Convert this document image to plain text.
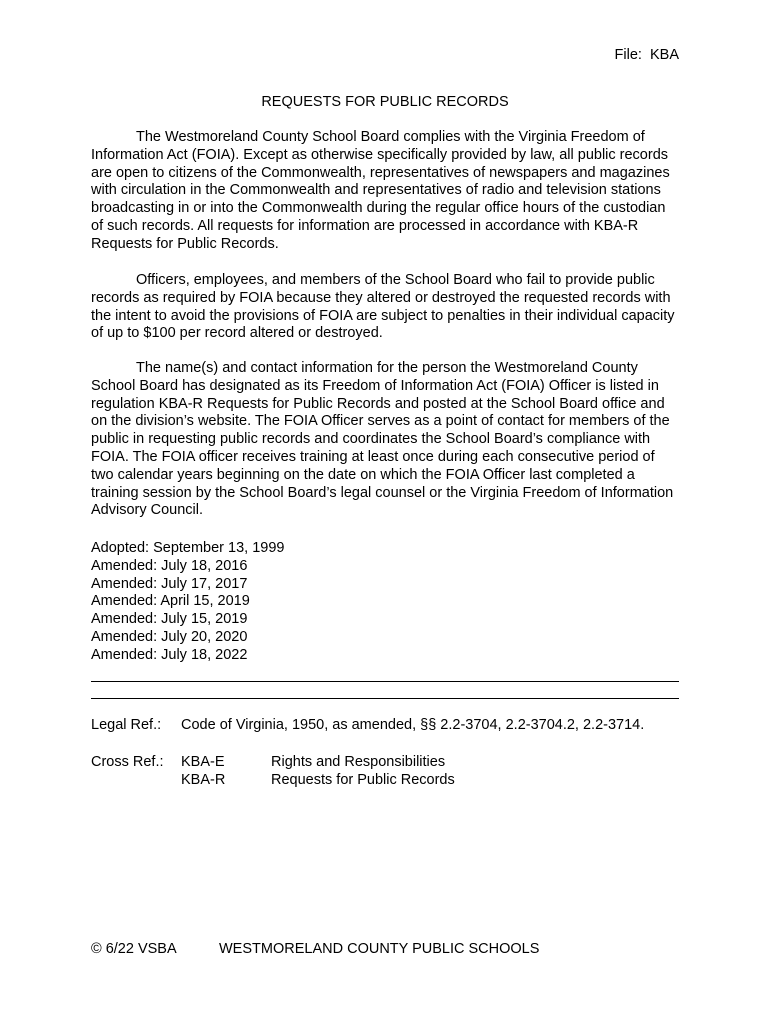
File:  KBA
REQUESTS FOR PUBLIC RECORDS
The Westmoreland County School Board complies with the Virginia Freedom of Information Act (FOIA). Except as otherwise specifically provided by law, all public records are open to citizens of the Commonwealth, representatives of newspapers and magazines with circulation in the Commonwealth and representatives of radio and television stations broadcasting in or into the Commonwealth during the regular office hours of the custodian of such records. All requests for information are processed in accordance with KBA-R Requests for Public Records.
Officers, employees, and members of the School Board who fail to provide public records as required by FOIA because they altered or destroyed the requested records with the intent to avoid the provisions of FOIA are subject to penalties in their individual capacity of up to $100 per record altered or destroyed.
The name(s) and contact information for the person the Westmoreland County School Board has designated as its Freedom of Information Act (FOIA) Officer is listed in regulation KBA-R Requests for Public Records and posted at the School Board office and on the division’s website. The FOIA Officer serves as a point of contact for members of the public in requesting public records and coordinates the School Board’s compliance with FOIA. The FOIA officer receives training at least once during each consecutive period of two calendar years beginning on the date on which the FOIA Officer last completed a training session by the School Board’s legal counsel or the Virginia Freedom of Information Advisory Council.
Adopted: September 13, 1999
Amended: July 18, 2016
Amended: July 17, 2017
Amended: April 15, 2019
Amended: July 15, 2019
Amended: July 20, 2020
Amended: July 18, 2022
Legal Ref.: Code of Virginia, 1950, as amended, §§ 2.2-3704, 2.2-3704.2, 2.2-3714.
Cross Ref.: KBA-E	Rights and Responsibilities
KBA-R	Requests for Public Records
© 6/22 VSBA	WESTMORELAND COUNTY PUBLIC SCHOOLS
